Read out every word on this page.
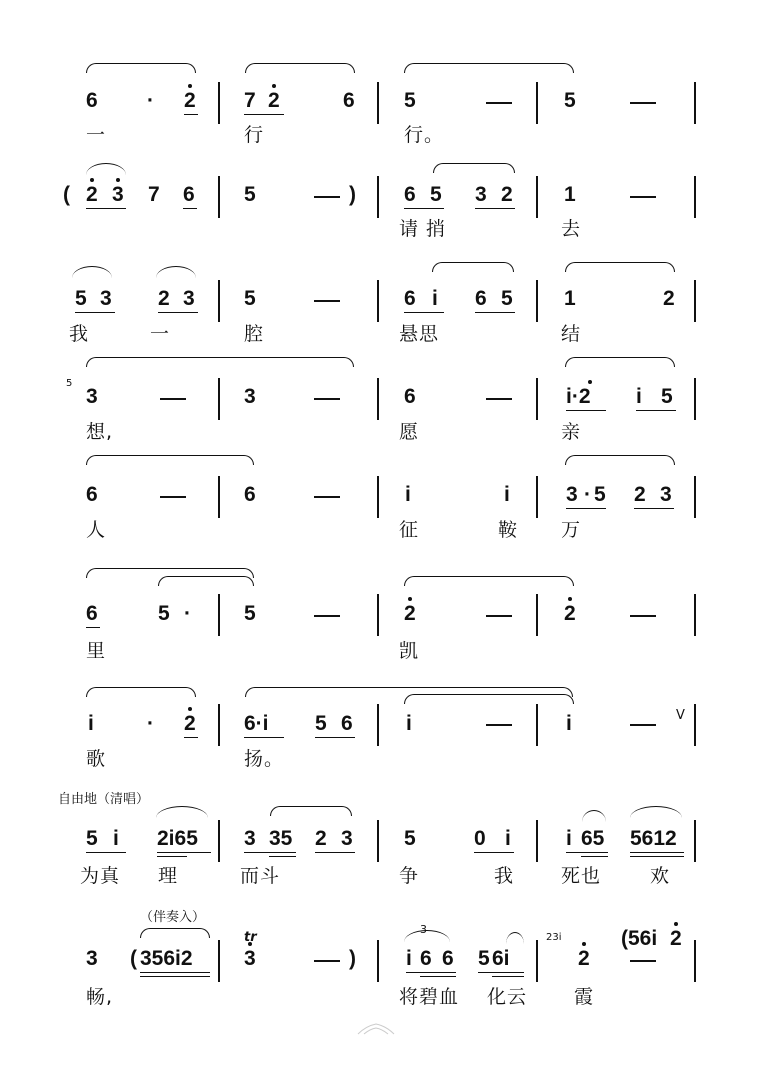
6 · 2 7 2	6 5	5
( 2 3 7 6 5	) 6 5 3 2 1
5 3 2 3 5	6 i 6 5 1	2
3	3	6	i·2 i 5
6	6	i	i	3 · 5 2 3
6	5 ·	5	2	2
i	· 2 6·i 5 6	i	i
5 i 2i65 3 35 2 3 5	0 i	i 65 5612
3 ( 356i2 3	) i 6 6 5 6i	2
(56i 2
一	行	行。
请 捎	去
我	一	腔	悬思	结
想,	愿	亲
人	征	鞍 万
里	凯
歌	扬。
为真 理	而斗	争	我 死也	欢
畅,	将碧血 化云 霞
自由地（清唱）
（伴奏入）
tr
V
5
23i
3
